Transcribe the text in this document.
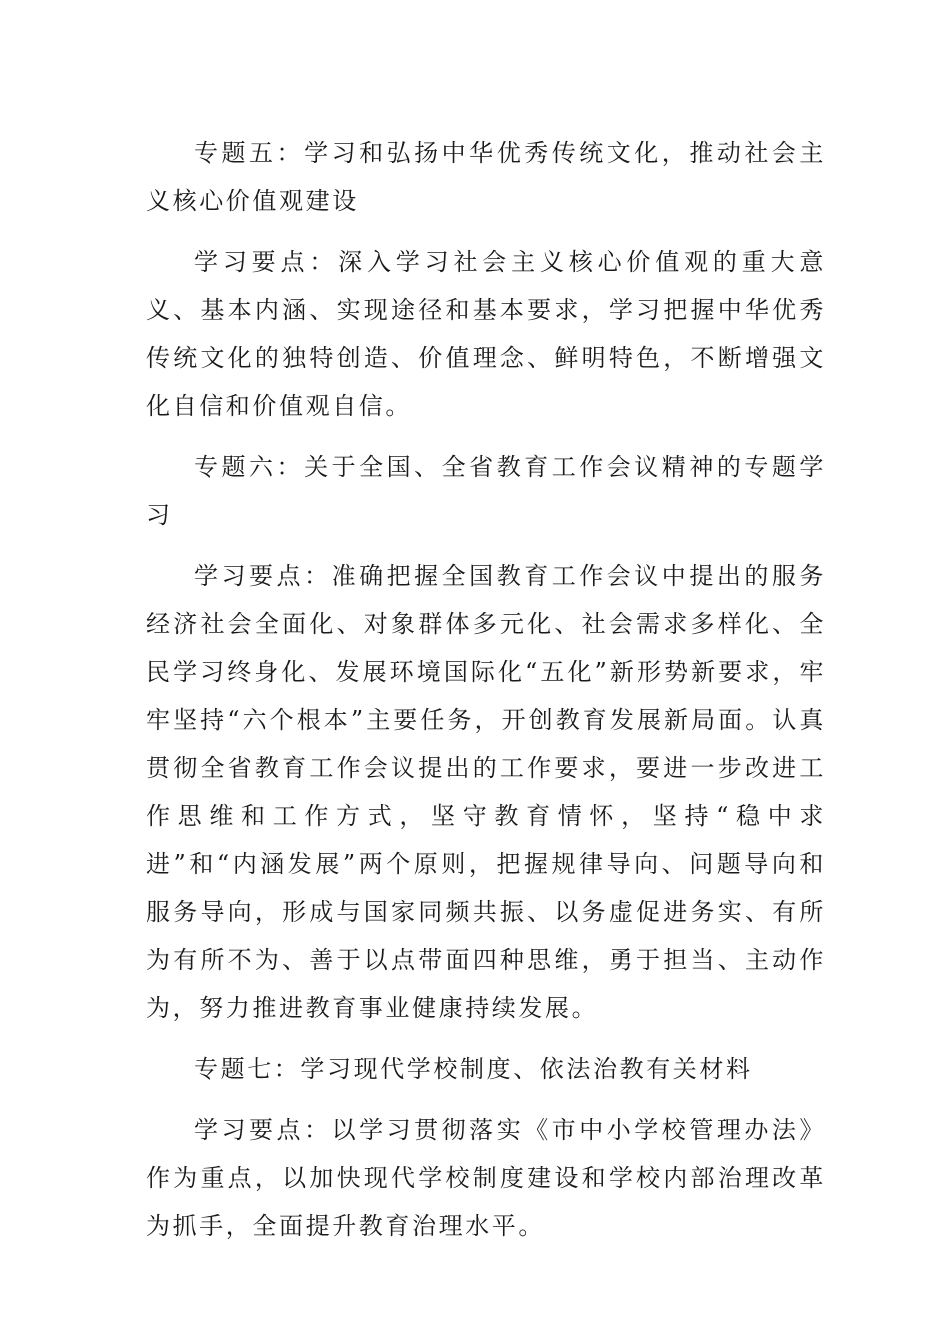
专题五：学习和弘扬中华优秀传统文化，推动社会主义核心价值观建设

学习要点：深入学习社会主义核心价值观的重大意义、基本内涵、实现途径和基本要求，学习把握中华优秀传统文化的独特创造、价值理念、鲜明特色，不断增强文化自信和价值观自信。

专题六：关于全国、全省教育工作会议精神的专题学习

学习要点：准确把握全国教育工作会议中提出的服务经济社会全面化、对象群体多元化、社会需求多样化、全民学习终身化、发展环境国际化“五化”新形势新要求，牢牢坚持“六个根本”主要任务，开创教育发展新局面。认真贯彻全省教育工作会议提出的工作要求，要进一步改进工作思维和工作方式，坚守教育情怀，坚持“稳中求进”和“内涵发展”两个原则，把握规律导向、问题导向和服务导向，形成与国家同频共振、以务虚促进务实、有所为有所不为、善于以点带面四种思维，勇于担当、主动作为，努力推进教育事业健康持续发展。

专题七：学习现代学校制度、依法治教有关材料

学习要点：以学习贯彻落实《市中小学校管理办法》作为重点，以加快现代学校制度建设和学校内部治理改革为抓手，全面提升教育治理水平。
